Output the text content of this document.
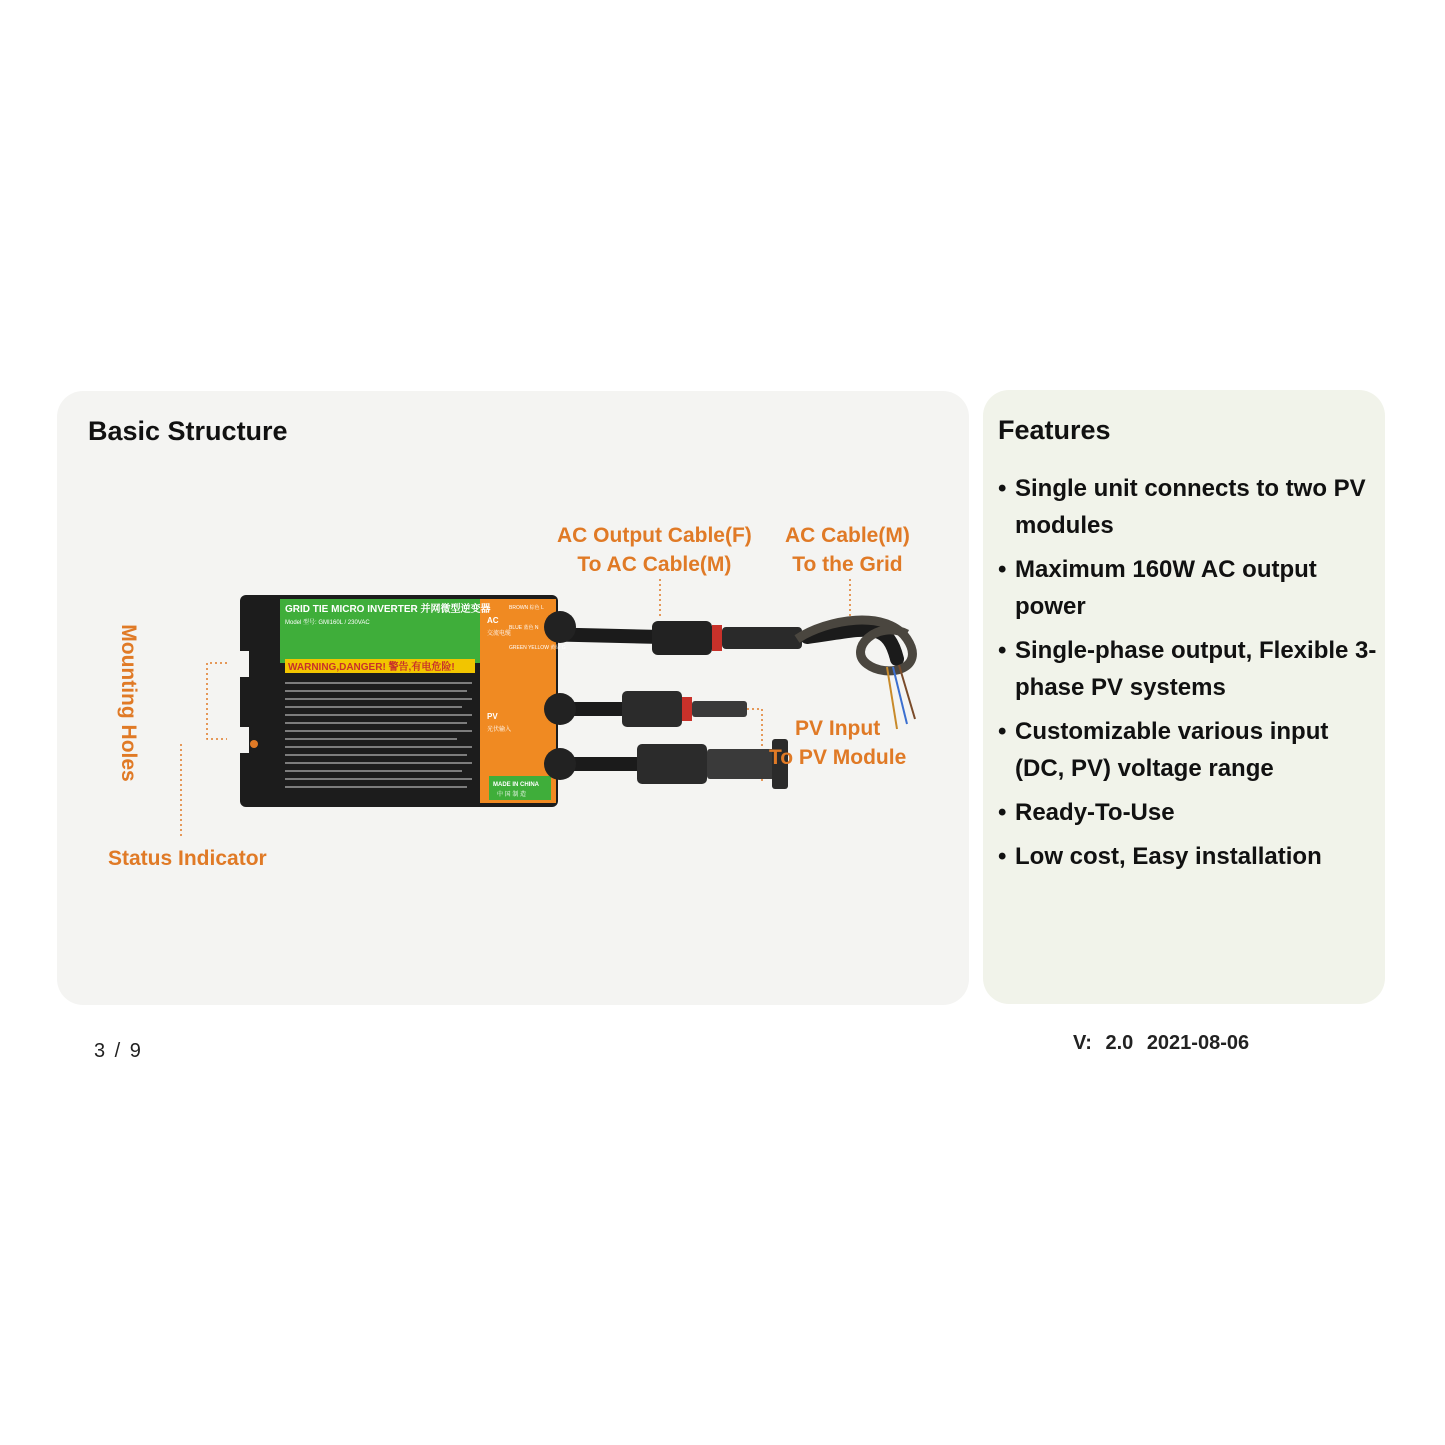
Basic Structure
GRID TIE MICRO INVERTER 并网微型逆变器
Model 型号: GMI160L / 230VAC
WARNING,DANGER! 警告,有电危险!
AC
交流电缆
BROWN 棕色 L
BLUE 蓝色 N
GREEN YELLOW 黄绿 G
PV
光伏输入
MADE IN CHINA
中 国 制 造
AC Output Cable(F)
To AC Cable(M)
AC Cable(M)
To the Grid
PV Input
To PV Module
Mounting Holes
Status Indicator
Features
• Single unit connects to two PV modules
• Maximum 160W AC output power
• Single-phase output, Flexible 3-phase PV systems
• Customizable various input (DC, PV) voltage range
• Ready-To-Use
• Low cost, Easy installation
3 / 9	V: 2.0 2021-08-06
